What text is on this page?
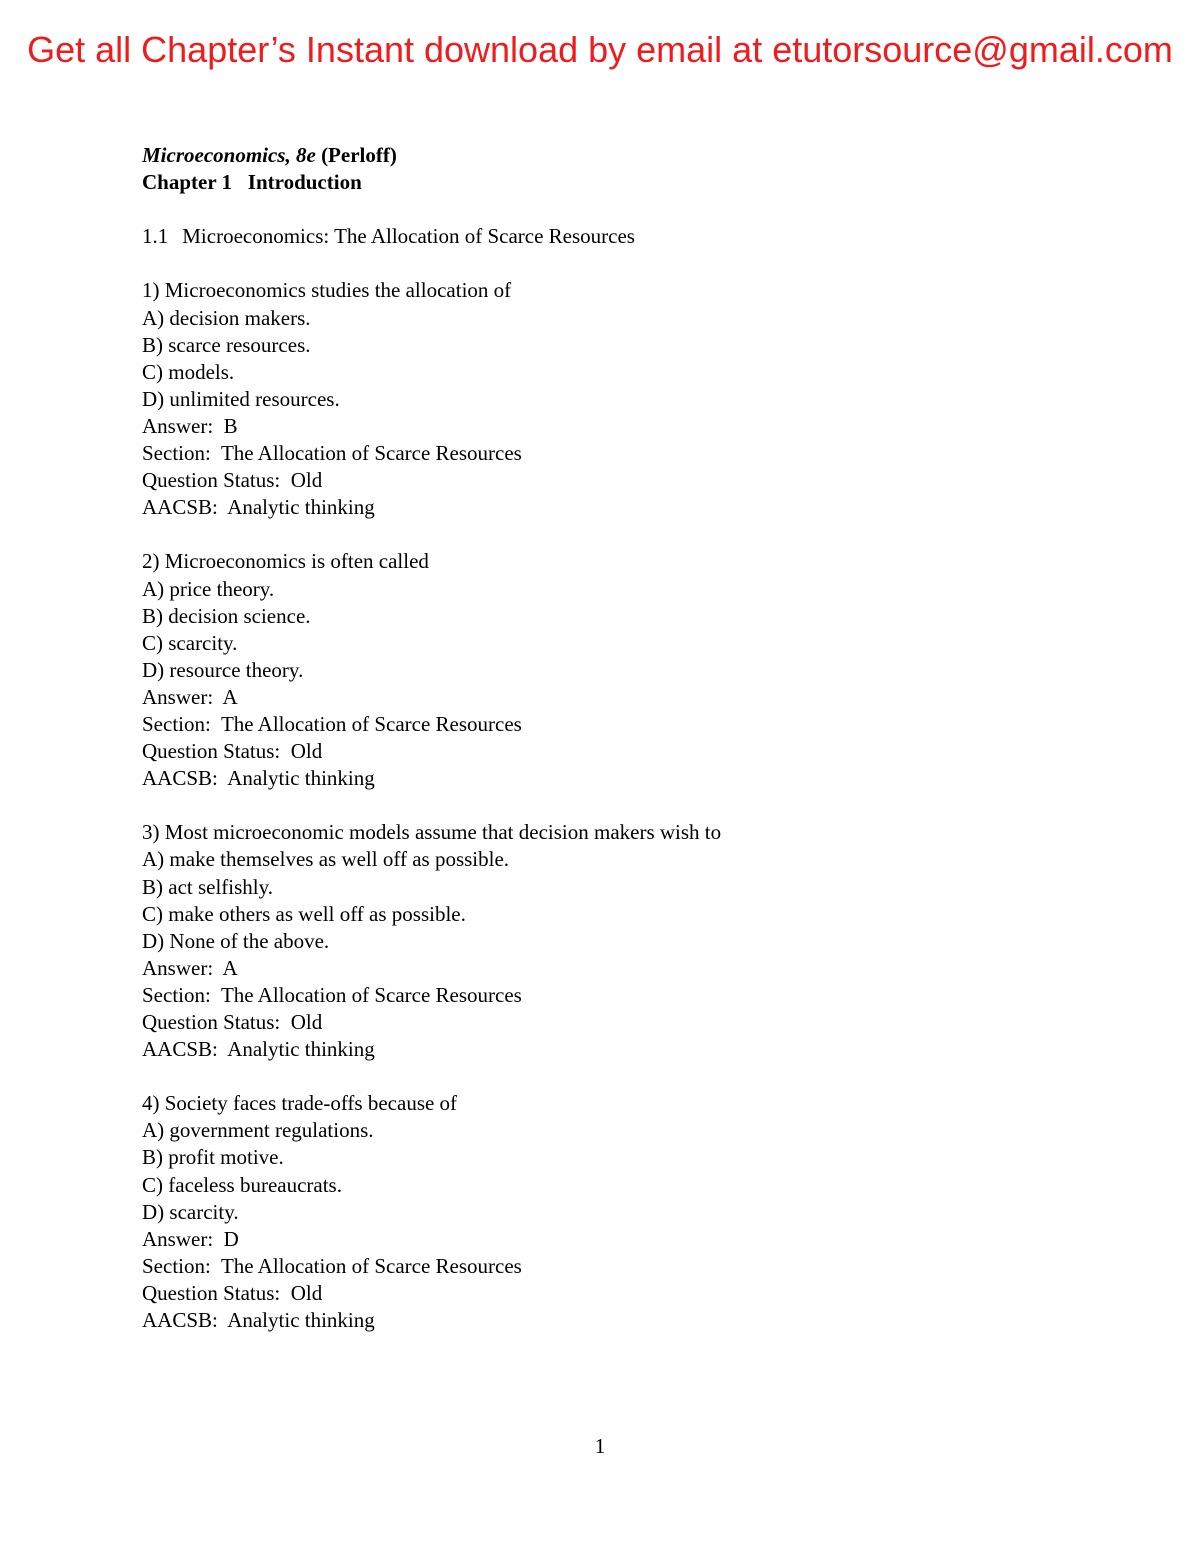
Get all Chapter’s Instant download by email at etutorsource@gmail.com
Microeconomics, 8e (Perloff)
Chapter 1   Introduction
1.1 Microeconomics: The Allocation of Scarce Resources
1) Microeconomics studies the allocation of
A) decision makers.
B) scarce resources.
C) models.
D) unlimited resources.
Answer:  B
Section:  The Allocation of Scarce Resources
Question Status:  Old
AACSB:  Analytic thinking
2) Microeconomics is often called
A) price theory.
B) decision science.
C) scarcity.
D) resource theory.
Answer:  A
Section:  The Allocation of Scarce Resources
Question Status:  Old
AACSB:  Analytic thinking
3) Most microeconomic models assume that decision makers wish to
A) make themselves as well off as possible.
B) act selfishly.
C) make others as well off as possible.
D) None of the above.
Answer:  A
Section:  The Allocation of Scarce Resources
Question Status:  Old
AACSB:  Analytic thinking
4) Society faces trade-offs because of
A) government regulations.
B) profit motive.
C) faceless bureaucrats.
D) scarcity.
Answer:  D
Section:  The Allocation of Scarce Resources
Question Status:  Old
AACSB:  Analytic thinking
1
